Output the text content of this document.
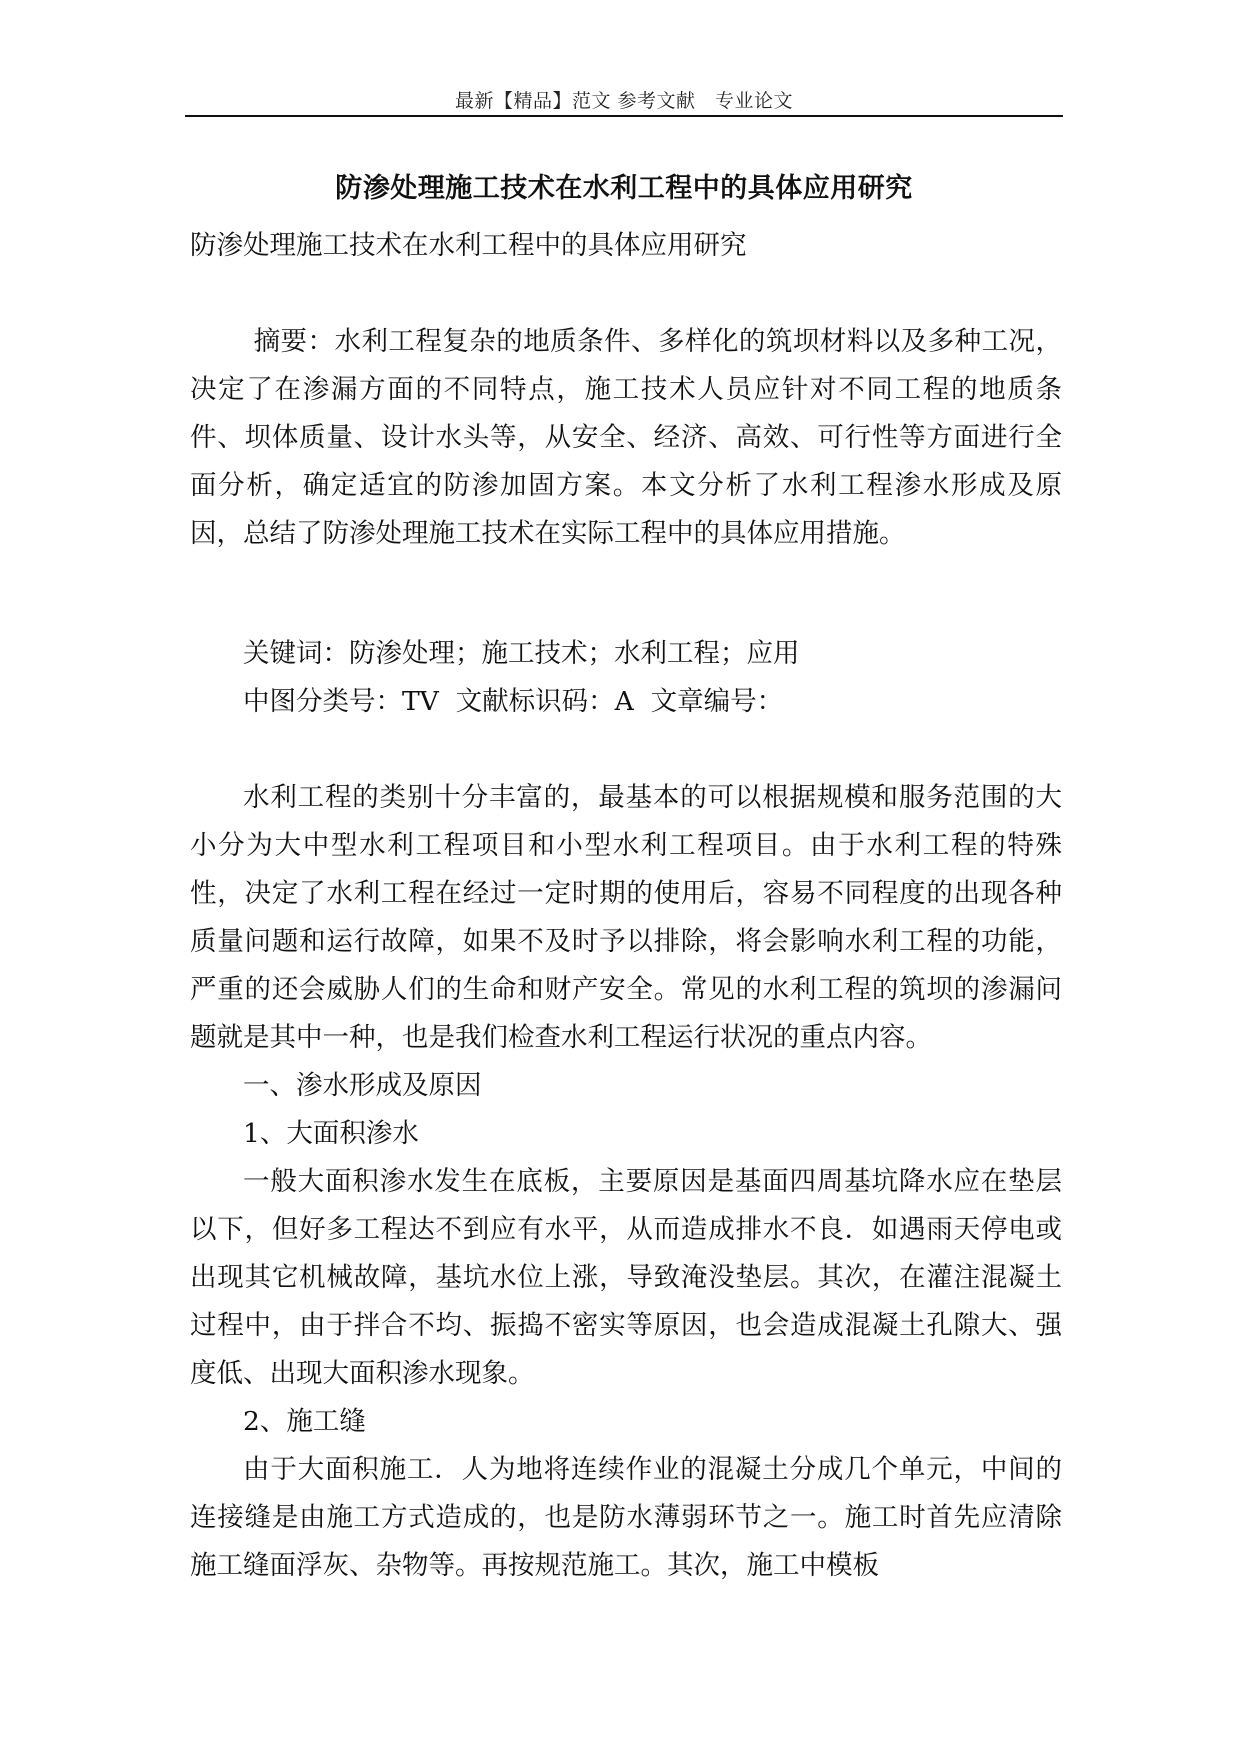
最新【精品】范文 参考文献　专业论文
防渗处理施工技术在水利工程中的具体应用研究

防渗处理施工技术在水利工程中的具体应用研究

摘要：水利工程复杂的地质条件、多样化的筑坝材料以及多种工况，决定了在渗漏方面的不同特点，施工技术人员应针对不同工程的地质条件、坝体质量、设计水头等，从安全、经济、高效、可行性等方面进行全面分析，确定适宜的防渗加固方案。本文分析了水利工程渗水形成及原因，总结了防渗处理施工技术在实际工程中的具体应用措施。

关键词：防渗处理；施工技术；水利工程；应用

中图分类号：TV  文献标识码：A  文章编号：

水利工程的类别十分丰富的，最基本的可以根据规模和服务范围的大小分为大中型水利工程项目和小型水利工程项目。由于水利工程的特殊性，决定了水利工程在经过一定时期的使用后，容易不同程度的出现各种质量问题和运行故障，如果不及时予以排除，将会影响水利工程的功能，严重的还会威胁人们的生命和财产安全。常见的水利工程的筑坝的渗漏问题就是其中一种，也是我们检查水利工程运行状况的重点内容。

一、渗水形成及原因

1、大面积渗水

一般大面积渗水发生在底板，主要原因是基面四周基坑降水应在垫层以下，但好多工程达不到应有水平，从而造成排水不良．如遇雨天停电或出现其它机械故障，基坑水位上涨，导致淹没垫层。其次，在灌注混凝土过程中，由于拌合不均、振捣不密实等原因，也会造成混凝土孔隙大、强度低、出现大面积渗水现象。

2、施工缝

由于大面积施工．人为地将连续作业的混凝土分成几个单元，中间的连接缝是由施工方式造成的，也是防水薄弱环节之一。施工时首先应清除施工缝面浮灰、杂物等。再按规范施工。其次，施工中模板
